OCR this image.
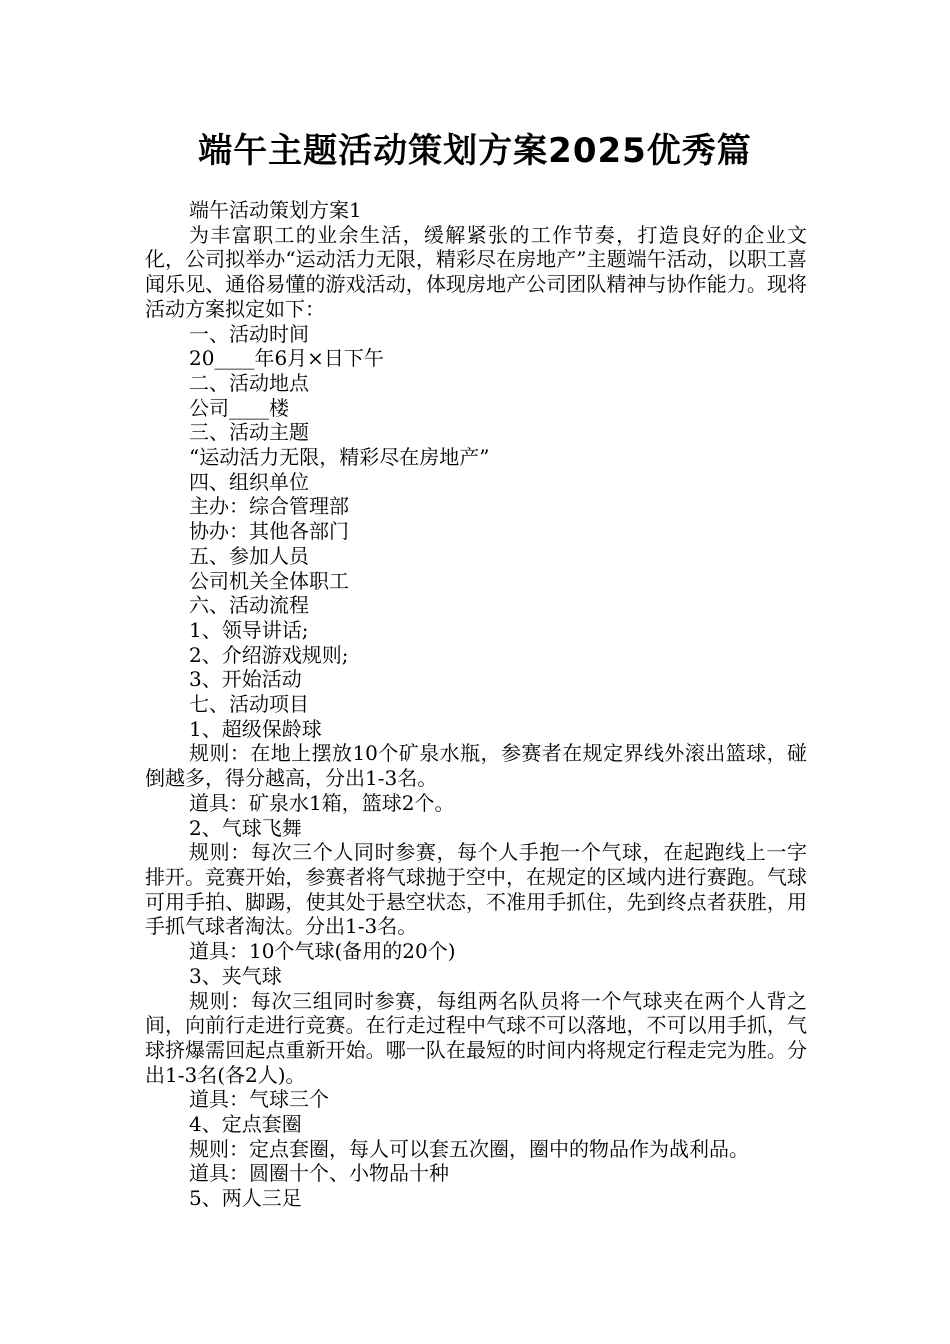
端午主题活动策划方案2025优秀篇

端午活动策划方案1

为丰富职工的业余生活，缓解紧张的工作节奏，打造良好的企业文化，公司拟举办“运动活力无限，精彩尽在房地产”主题端午活动，以职工喜闻乐见、通俗易懂的游戏活动，体现房地产公司团队精神与协作能力。现将活动方案拟定如下：

一、活动时间

20____年6月×日下午

二、活动地点

公司____楼

三、活动主题

“运动活力无限，精彩尽在房地产”

四、组织单位

主办：综合管理部

协办：其他各部门

五、参加人员

公司机关全体职工

六、活动流程

1、领导讲话;

2、介绍游戏规则;

3、开始活动

七、活动项目

1、超级保龄球

规则：在地上摆放10个矿泉水瓶，参赛者在规定界线外滚出篮球，碰倒越多，得分越高，分出1-3名。

道具：矿泉水1箱，篮球2个。

2、气球飞舞

规则：每次三个人同时参赛，每个人手抱一个气球，在起跑线上一字排开。竞赛开始，参赛者将气球抛于空中，在规定的区域内进行赛跑。气球可用手拍、脚踢，使其处于悬空状态，不准用手抓住，先到终点者获胜，用手抓气球者淘汰。分出1-3名。

道具：10个气球(备用的20个)

3、夹气球

规则：每次三组同时参赛，每组两名队员将一个气球夹在两个人背之间，向前行走进行竞赛。在行走过程中气球不可以落地，不可以用手抓，气球挤爆需回起点重新开始。哪一队在最短的时间内将规定行程走完为胜。分出1-3名(各2人)。

道具：气球三个

4、定点套圈

规则：定点套圈，每人可以套五次圈，圈中的物品作为战利品。

道具：圆圈十个、小物品十种

5、两人三足
